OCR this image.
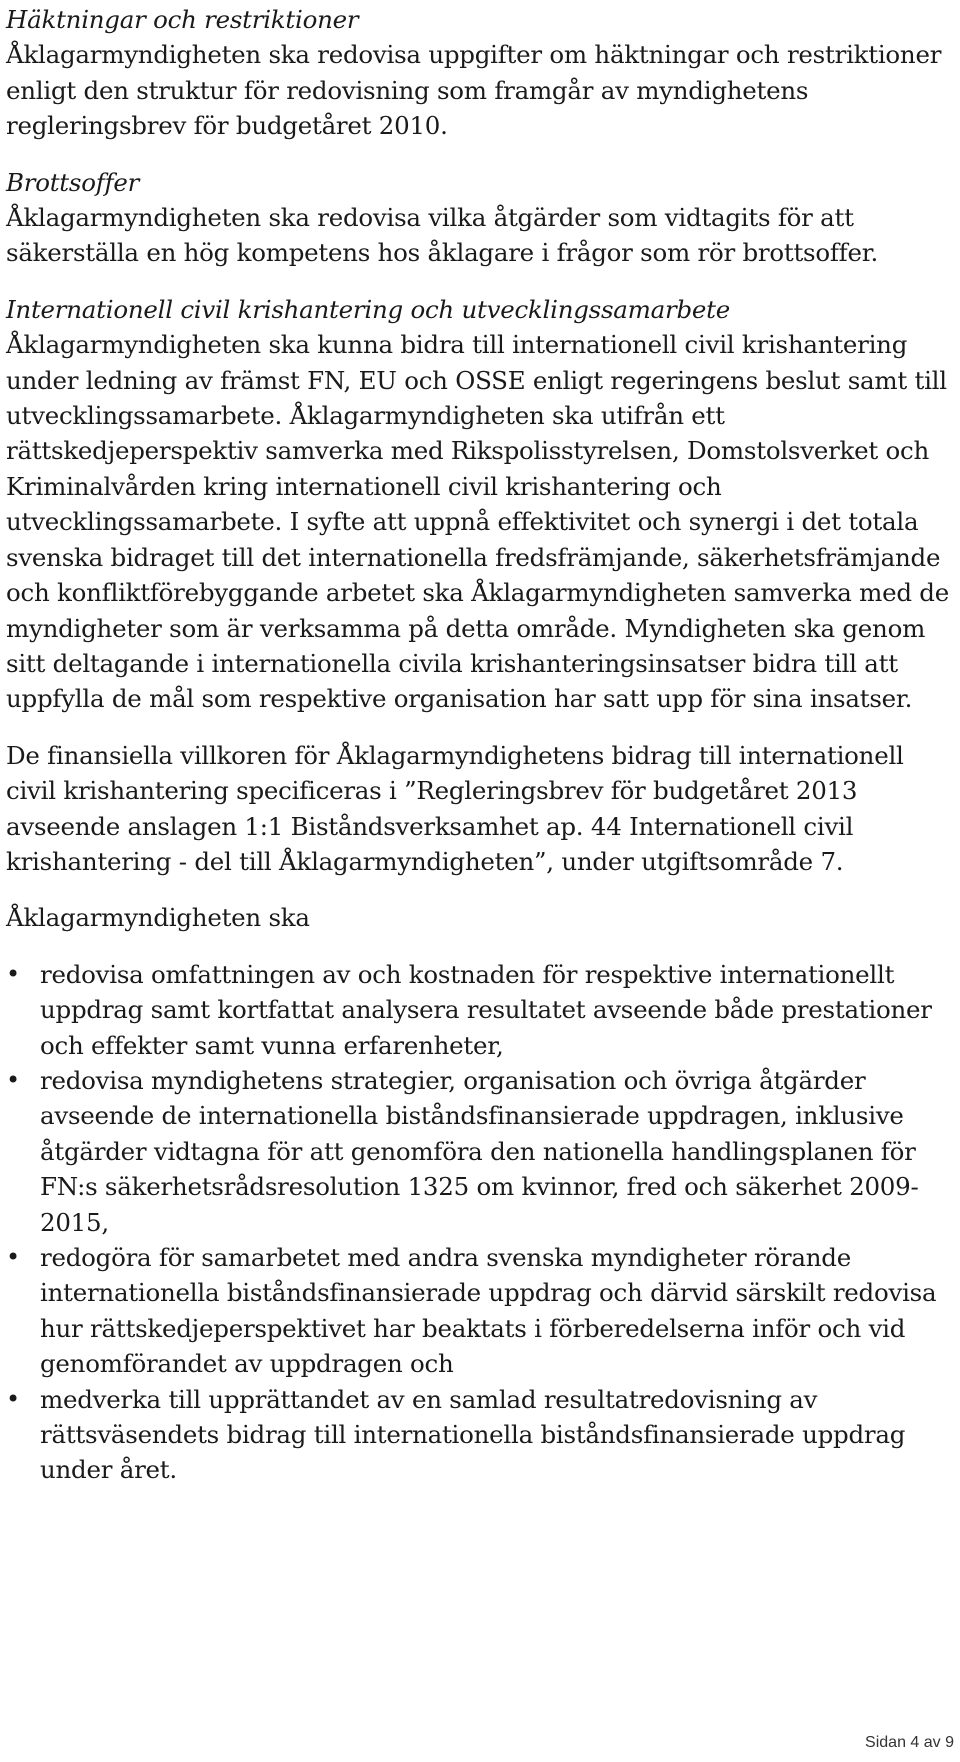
Häktningar och restriktioner

Åklagarmyndigheten ska redovisa uppgifter om häktningar och restriktioner enligt den struktur för redovisning som framgår av myndighetens regleringsbrev för budgetåret 2010.

Brottsoffer

Åklagarmyndigheten ska redovisa vilka åtgärder som vidtagits för att säkerställa en hög kompetens hos åklagare i frågor som rör brottsoffer.

Internationell civil krishantering och utvecklingssamarbete

Åklagarmyndigheten ska kunna bidra till internationell civil krishantering under ledning av främst FN, EU och OSSE enligt regeringens beslut samt till utvecklingssamarbete. Åklagarmyndigheten ska utifrån ett rättskedjeperspektiv samverka med Rikspolisstyrelsen, Domstolsverket och Kriminalvården kring internationell civil krishantering och utvecklingssamarbete. I syfte att uppnå effektivitet och synergi i det totala svenska bidraget till det internationella fredsfrämjande, säkerhetsfrämjande och konfliktförebyggande arbetet ska Åklagarmyndigheten samverka med de myndigheter som är verksamma på detta område. Myndigheten ska genom sitt deltagande i internationella civila krishanteringsinsatser bidra till att uppfylla de mål som respektive organisation har satt upp för sina insatser.

De finansiella villkoren för Åklagarmyndighetens bidrag till internationell civil krishantering specificeras i ”Regleringsbrev för budgetåret 2013 avseende anslagen 1:1 Biståndsverksamhet ap. 44 Internationell civil krishantering - del till Åklagarmyndigheten”, under utgiftsområde 7.

Åklagarmyndigheten ska

• redovisa omfattningen av och kostnaden för respektive internationellt uppdrag samt kortfattat analysera resultatet avseende både prestationer och effekter samt vunna erfarenheter,
• redovisa myndighetens strategier, organisation och övriga åtgärder avseende de internationella biståndsfinansierade uppdragen, inklusive åtgärder vidtagna för att genomföra den nationella handlingsplanen för FN:s säkerhetsrådsresolution 1325 om kvinnor, fred och säkerhet 2009-2015,
• redogöra för samarbetet med andra svenska myndigheter rörande internationella biståndsfinansierade uppdrag och därvid särskilt redovisa hur rättskedjeperspektivet har beaktats i förberedelserna inför och vid genomförandet av uppdragen och
• medverka till upprättandet av en samlad resultatredovisning av rättsväsendets bidrag till internationella biståndsfinansierade uppdrag under året.
Sidan 4 av 9
